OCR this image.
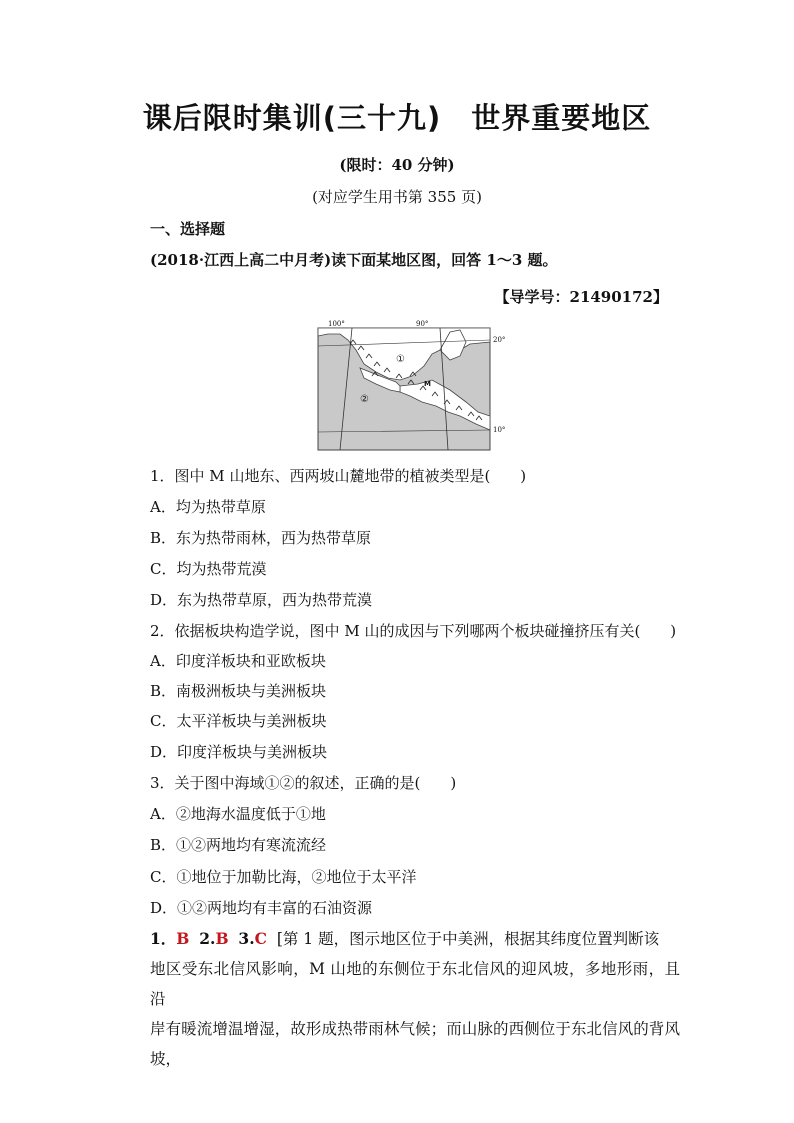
课后限时集训(三十九) 世界重要地区
(限时：40 分钟)
(对应学生用书第 355 页)
一、选择题
(2018·江西上高二中月考)读下面某地区图，回答 1～3 题。
【导学号：21490172】
100°	90°
20°
10°
①
②
M
1．图中 M 山地东、西两坡山麓地带的植被类型是(　　)
A．均为热带草原
B．东为热带雨林，西为热带草原
C．均为热带荒漠
D．东为热带草原，西为热带荒漠
2．依据板块构造学说，图中 M 山的成因与下列哪两个板块碰撞挤压有关(　　)
A．印度洋板块和亚欧板块
B．南极洲板块与美洲板块
C．太平洋板块与美洲板块
D．印度洋板块与美洲板块
3．关于图中海域①②的叙述，正确的是(　　)
A．②地海水温度低于①地
B．①②两地均有寒流流经
C．①地位于加勒比海，②地位于太平洋
D．①②两地均有丰富的石油资源
1．B 2.B 3.C [第 1 题，图示地区位于中美洲，根据其纬度位置判断该
地区受东北信风影响，M 山地的东侧位于东北信风的迎风坡，多地形雨，且沿
岸有暖流增温增湿，故形成热带雨林气候；而山脉的西侧位于东北信风的背风坡，
